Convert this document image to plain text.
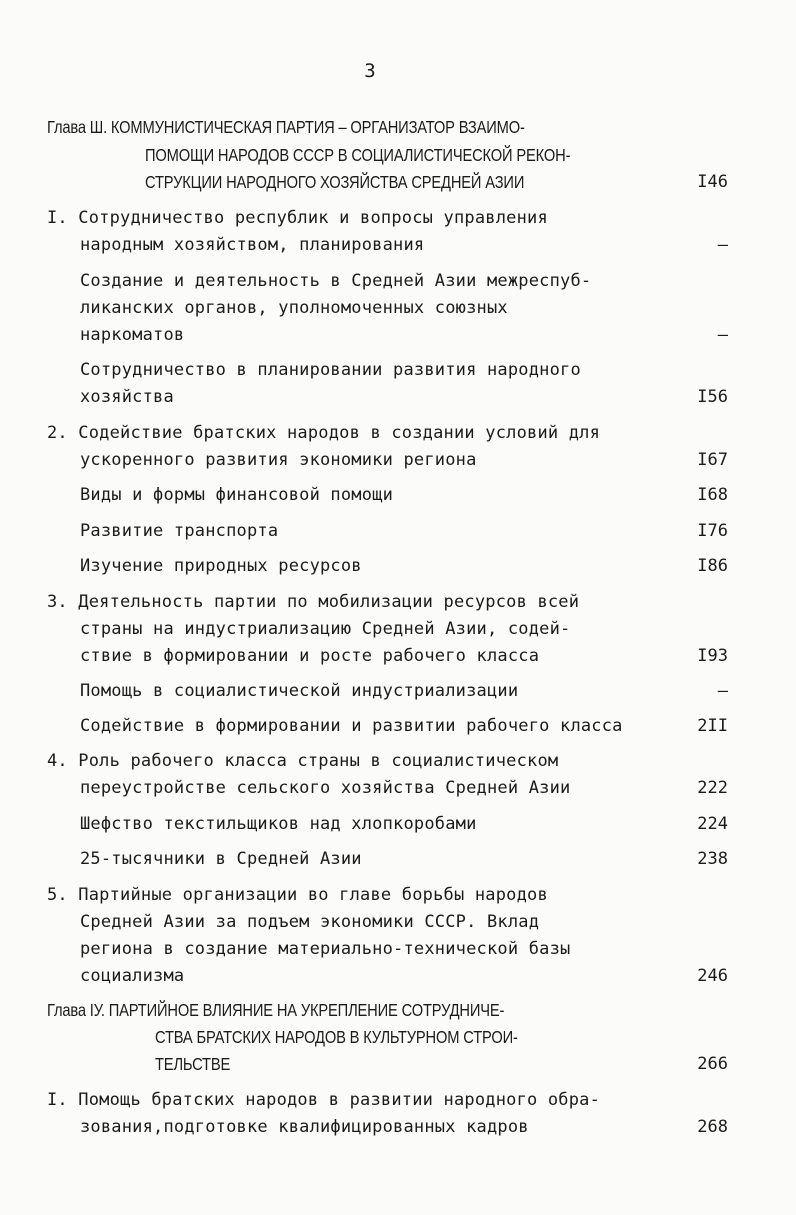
3
Глава Ш. КОММУНИСТИЧЕСКАЯ ПАРТИЯ – ОРГАНИЗАТОР ВЗАИМО-
ПОМОЩИ НАРОДОВ СССР В СОЦИАЛИСТИЧЕСКОЙ РЕКОН-
СТРУКЦИИ НАРОДНОГО ХОЗЯЙСТВА СРЕДНЕЙ АЗИИ	I46
I. Сотрудничество республик и вопросы управления
народным хозяйством, планирования	–
Создание и деятельность в Средней Азии межреспуб-
ликанских органов, уполномоченных союзных
наркоматов	–
Сотрудничество в планировании развития народного
хозяйства	I56
2. Содействие братских народов в создании условий для
ускоренного развития экономики региона	I67
Виды и формы финансовой помощи	I68
Развитие транспорта	I76
Изучение природных ресурсов	I86
3. Деятельность партии по мобилизации ресурсов всей
страны на индустриализацию Средней Азии, содей-
ствие в формировании и росте рабочего класса	I93
Помощь в социалистической индустриализации	–
Содействие в формировании и развитии рабочего класса	2II
4. Роль рабочего класса страны в социалистическом
переустройстве сельского хозяйства Средней Азии	222
Шефство текстильщиков над хлопкоробами	224
25-тысячники в Средней Азии	238
5. Партийные организации во главе борьбы народов
Средней Азии за подъем экономики СССР. Вклад
региона в создание материально-технической базы
социализма	246
Глава IУ. ПАРТИЙНОЕ ВЛИЯНИЕ НА УКРЕПЛЕНИЕ СОТРУДНИЧЕ-
СТВА БРАТСКИХ НАРОДОВ В КУЛЬТУРНОМ СТРОИ-
ТЕЛЬСТВЕ	266
I. Помощь братских народов в развитии народного обра-
зования,подготовке квалифицированных кадров	268
